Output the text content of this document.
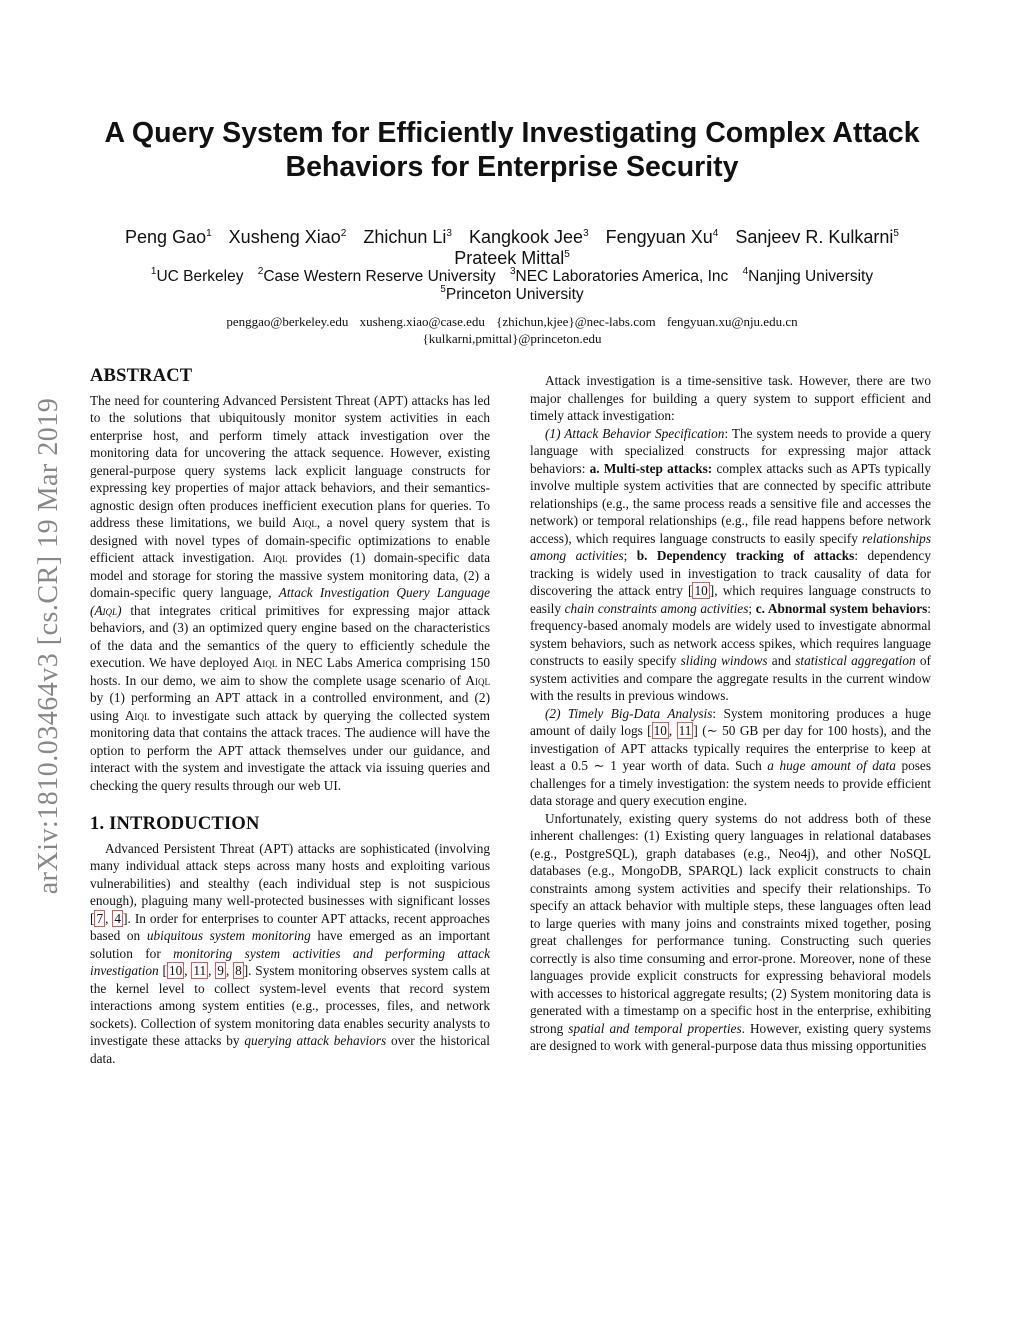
A Query System for Efficiently Investigating Complex Attack Behaviors for Enterprise Security
Peng Gao$^1$ Xusheng Xiao$^2$ Zhichun Li$^3$ Kangkook Jee$^3$ Fengyuan Xu$^4$ Sanjeev R. Kulkarni$^5$
Prateek Mittal$^5$
$^1$UC Berkeley $^2$Case Western Reserve University $^3$NEC Laboratories America, Inc $^4$Nanjing University
$^5$Princeton University
penggao@berkeley.edu xusheng.xiao@case.edu {zhichun,kjee}@nec-labs.com fengyuan.xu@nju.edu.cn
{kulkarni,pmittal}@princeton.edu
arXiv:1810.03464v3 [cs.CR] 19 Mar 2019
ABSTRACT

The need for countering Advanced Persistent Threat (APT) attacks has led to the solutions that ubiquitously monitor system activities in each enterprise host, and perform timely attack investigation over the monitoring data for uncovering the attack sequence. However, existing general-purpose query systems lack explicit language constructs for expressing key properties of major attack behaviors, and their semantics-agnostic design often produces inefficient execution plans for queries. To address these limitations, we build Aiql, a novel query system that is designed with novel types of domain-specific optimizations to enable efficient attack investigation. Aiql provides (1) domain-specific data model and storage for storing the massive system monitoring data, (2) a domain-specific query language, Attack Investigation Query Language (Aiql) that integrates critical primitives for expressing major attack behaviors, and (3) an optimized query engine based on the characteristics of the data and the semantics of the query to efficiently schedule the execution. We have deployed Aiql in NEC Labs America comprising 150 hosts. In our demo, we aim to show the complete usage scenario of Aiql by (1) performing an APT attack in a controlled environment, and (2) using Aiql to investigate such attack by querying the collected system monitoring data that contains the attack traces. The audience will have the option to perform the APT attack themselves under our guidance, and interact with the system and investigate the attack via issuing queries and checking the query results through our web UI.

1. INTRODUCTION

Advanced Persistent Threat (APT) attacks are sophisticated (involving many individual attack steps across many hosts and exploiting various vulnerabilities) and stealthy (each individual step is not suspicious enough), plaguing many well-protected businesses with significant losses [ 7 , 4 ]. In order for enterprises to counter APT attacks, recent approaches based on ubiquitous system monitoring have emerged as an important solution for monitoring system activities and performing attack investigation [ 10 , 11 , 9 , 8 ]. System monitoring observes system calls at the kernel level to collect system-level events that record system interactions among system entities (e.g., processes, files, and network sockets). Collection of system monitoring data enables security analysts to investigate these attacks by querying attack behaviors over the historical data.

Attack investigation is a time-sensitive task. However, there are two major challenges for building a query system to support efficient and timely attack investigation:

(1) Attack Behavior Specification: The system needs to provide a query language with specialized constructs for expressing major attack behaviors: a. Multi-step attacks: complex attacks such as APTs typically involve multiple system activities that are connected by specific attribute relationships (e.g., the same process reads a sensitive file and accesses the network) or temporal relationships (e.g., file read happens before network access), which requires language constructs to easily specify relationships among activities; b. Dependency tracking of attacks: dependency tracking is widely used in investigation to track causality of data for discovering the attack entry [ 10 ], which requires language constructs to easily chain constraints among activities; c. Abnormal system behaviors: frequency-based anomaly models are widely used to investigate abnormal system behaviors, such as network access spikes, which requires language constructs to easily specify sliding windows and statistical aggregation of system activities and compare the aggregate results in the current window with the results in previous windows.

(2) Timely Big-Data Analysis: System monitoring produces a huge amount of daily logs [ 10 , 11 ] (∼ 50 GB per day for 100 hosts), and the investigation of APT attacks typically requires the enterprise to keep at least a 0.5 ∼ 1 year worth of data. Such a huge amount of data poses challenges for a timely investigation: the system needs to provide efficient data storage and query execution engine.

Unfortunately, existing query systems do not address both of these inherent challenges: (1) Existing query languages in relational databases (e.g., PostgreSQL), graph databases (e.g., Neo4j), and other NoSQL databases (e.g., MongoDB, SPARQL) lack explicit constructs to chain constraints among system activities and specify their relationships. To specify an attack behavior with multiple steps, these languages often lead to large queries with many joins and constraints mixed together, posing great challenges for performance tuning. Constructing such queries correctly is also time consuming and error-prone. Moreover, none of these languages provide explicit constructs for expressing behavioral models with accesses to historical aggregate results; (2) System monitoring data is generated with a timestamp on a specific host in the enterprise, exhibiting strong spatial and temporal properties. However, existing query systems are designed to work with general-purpose data thus missing opportunities
